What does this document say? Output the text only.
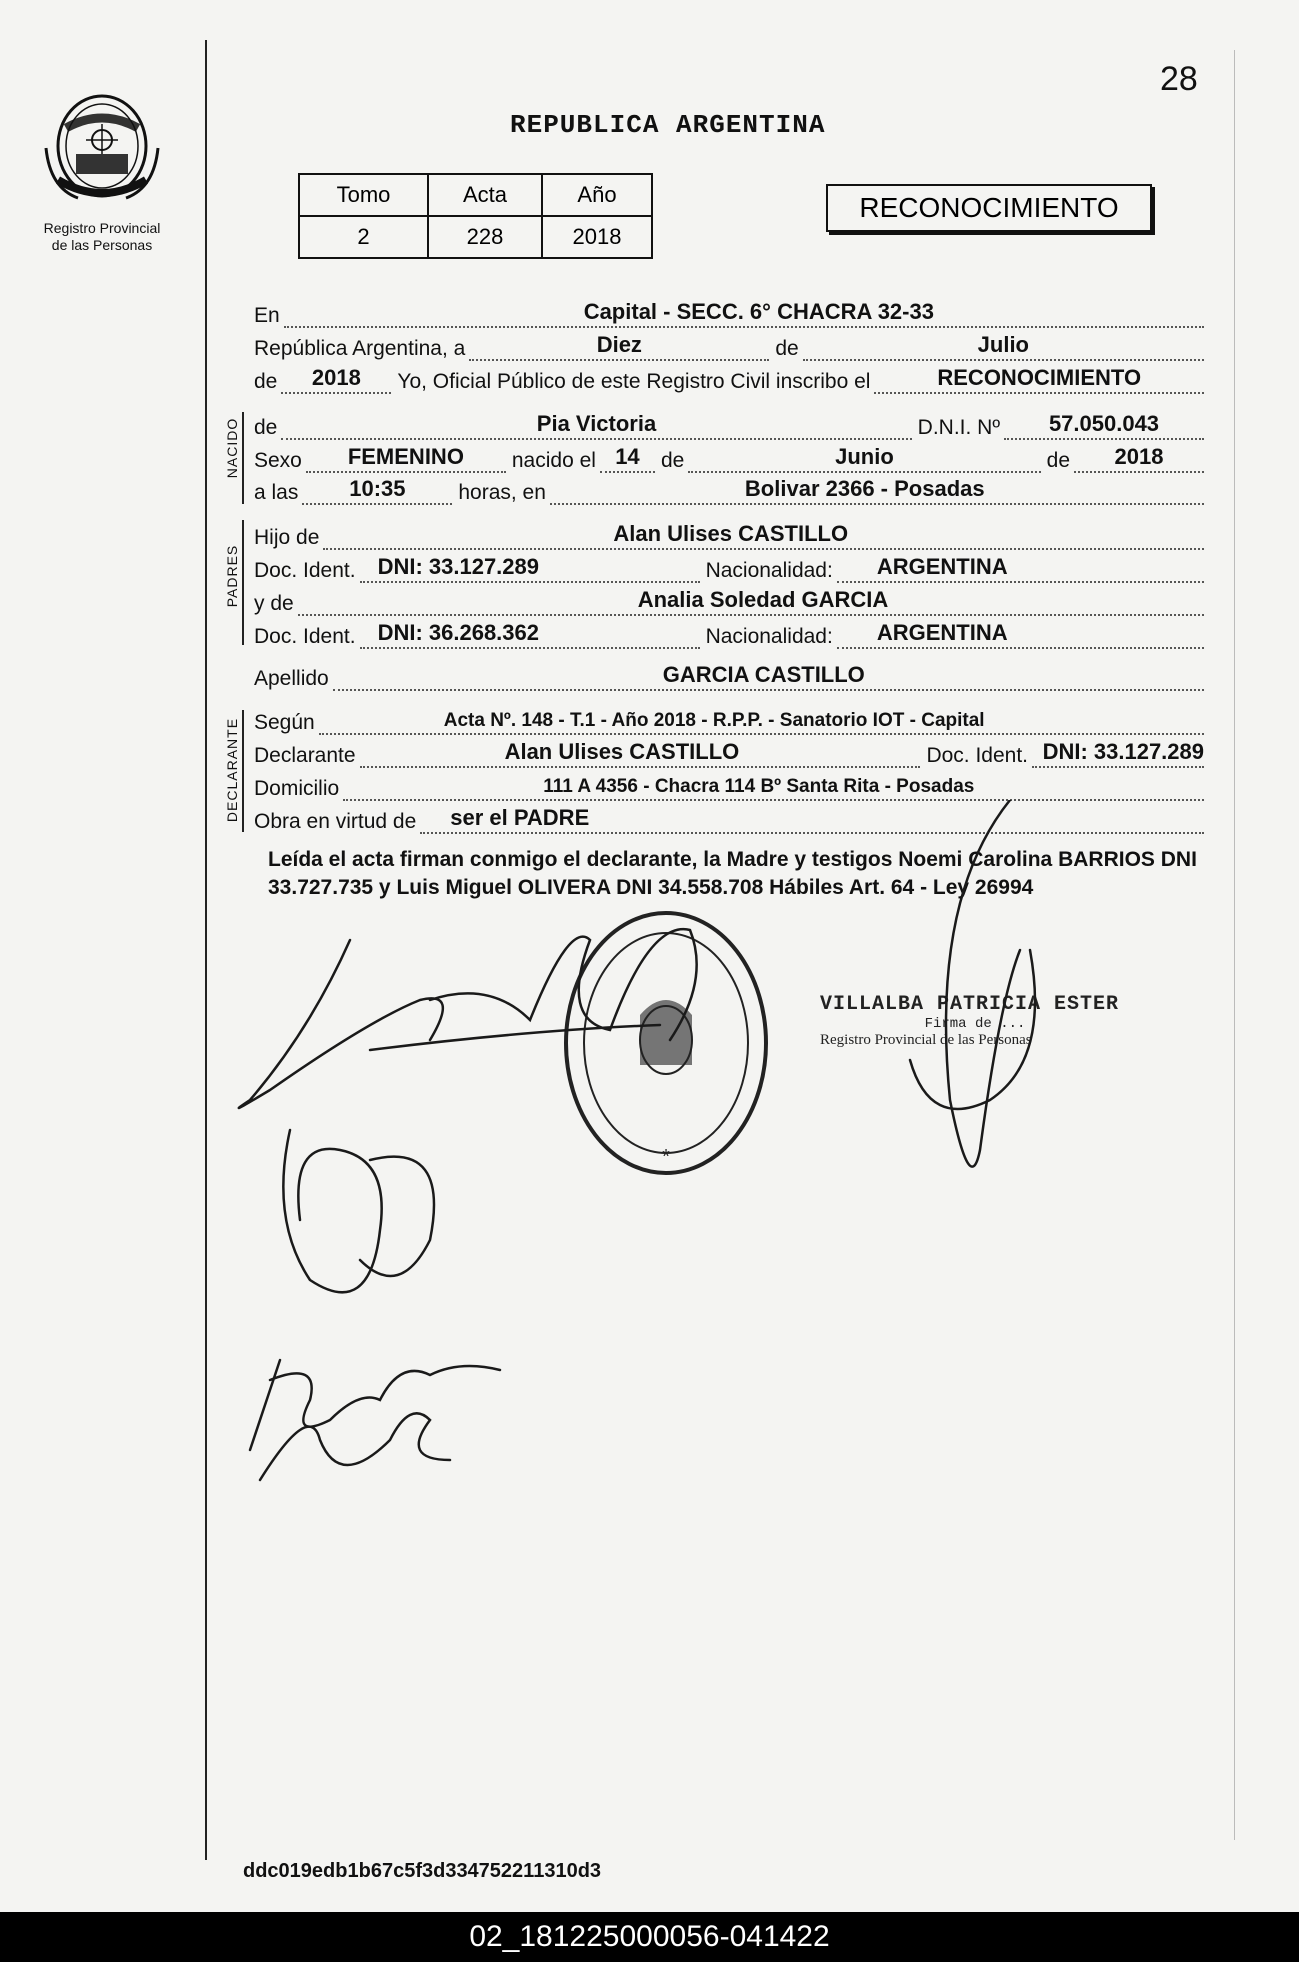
Registro Provincial
de las Personas
28
REPUBLICA ARGENTINA
Tomo	Acta	Año
2	228	2018
RECONOCIMIENTO
En	Capital - SECC. 6° CHACRA 32-33
República Argentina, a	Diez	de	Julio
de	2018	Yo, Oficial Público de este Registro Civil inscribo el	RECONOCIMIENTO
NACIDO de	Pia Victoria	D.N.I. Nº	57.050.043
Sexo	FEMENINO	nacido el 14	de	Junio	de	2018
a las	10:35	horas, en	Bolivar 2366 - Posadas
PADRES
Hijo de	Alan Ulises CASTILLO
Doc. Ident. DNI: 33.127.289	Nacionalidad: ARGENTINA
y de	Analia Soledad GARCIA
Doc. Ident. DNI: 36.268.362	Nacionalidad: ARGENTINA
Apellido	GARCIA CASTILLO
DECLARANTE Según	Acta Nº. 148 - T.1 - Año 2018 - R.P.P. - Sanatorio IOT - Capital
Declarante	Alan Ulises CASTILLO	Doc. Ident. DNI: 33.127.289
Domicilio	111 A 4356 - Chacra 114 Bº Santa Rita - Posadas
Obra en virtud de ser el PADRE
Leída el acta firman conmigo el declarante, la Madre y testigos Noemi Carolina BARRIOS DNI 33.727.735 y Luis Miguel OLIVERA DNI 34.558.708 Hábiles Art. 64 - Ley 26994
*
VILLALBA PATRICIA ESTER
Firma de ...
Registro Provincial de las Personas
ddc019edb1b67c5f3d334752211310d3
02_181225000056-041422
